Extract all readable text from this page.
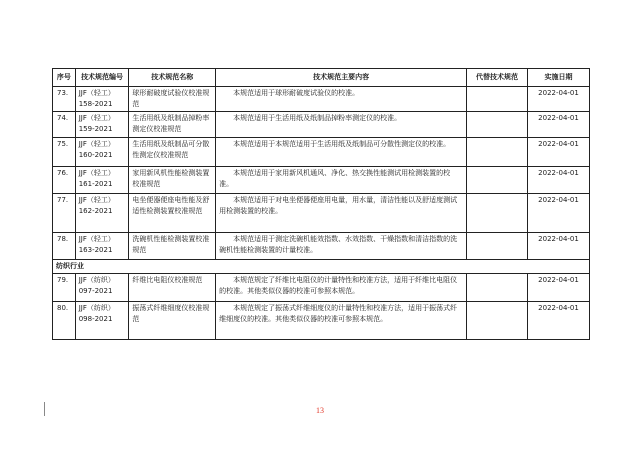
序号	技术规范编号	技术规范名称	技术规范主要内容	代替技术规范	实施日期
73.	JJF（轻工）158-2021	球形耐破度试验仪校准规范	本规范适用于球形耐破度试验仪的校准。		2022-04-01
74.	JJF（轻工）159-2021	生活用纸及纸制品掉粉率测定仪校准规范	本规范适用于生活用纸及纸制品掉粉率测定仪的校准。		2022-04-01
75.	JJF（轻工）160-2021	生活用纸及纸制品可分散性测定仪校准规范	本规范适用于本规范适用于生活用纸及纸制品可分散性测定仪的校准。		2022-04-01
76.	JJF（轻工）161-2021	家用新风机性能检测装置校准规范	本规范适用于家用新风机通风、净化、热交换性能测试用检测装置的校准。		2022-04-01
77.	JJF（轻工）162-2021	电坐便器便座电性能及舒适性检测装置校准规范	本规范适用于对电坐便器便座用电量，用水量，清洁性能以及舒适度测试用检测装置的校准。		2022-04-01
78.	JJF（轻工）163-2021	洗碗机性能检测装置校准规范	本规范适用于测定洗碗机能效指数、水效指数、干燥指数和清洁指数的洗碗机性能检测装置的计量校准。		2022-04-01
纺织行业					
79.	JJF（纺织）097-2021	纤维比电阻仪校准规范	本规范规定了纤维比电阻仪的计量特性和校准方法，适用于纤维比电阻仪的校准。其他类似仪器的校准可参照本规范。		2022-04-01
80.	JJF（纺织）098-2021	振荡式纤维细度仪校准规范	本规范规定了振荡式纤维细度仪的计量特性和校准方法，适用于振荡式纤维细度仪的校准。其他类似仪器的校准可参照本规范。		2022-04-01
13
